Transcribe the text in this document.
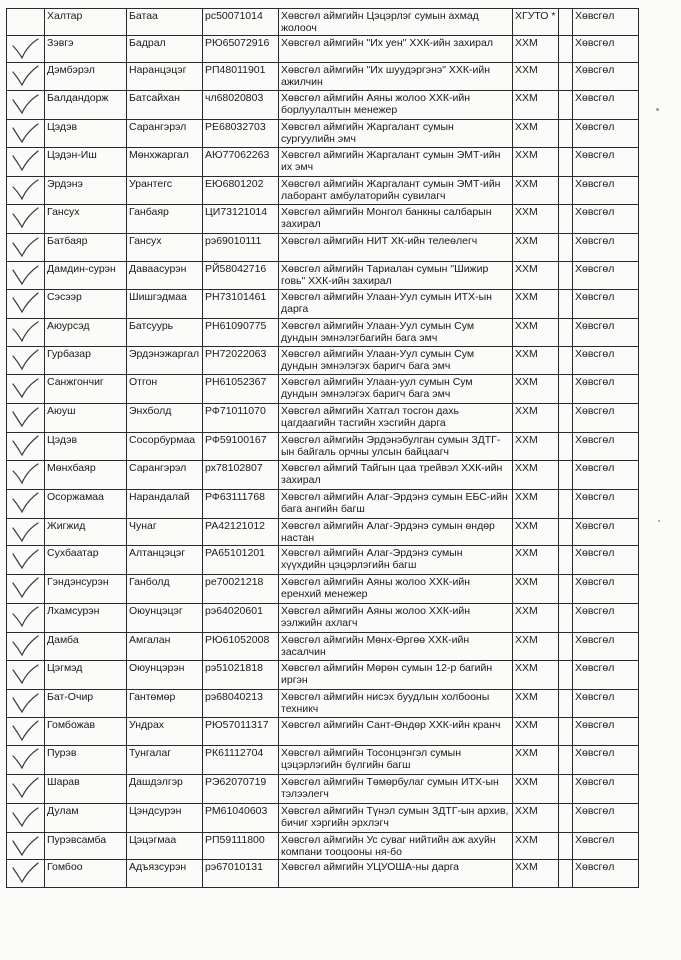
	Халтар	Батаа	рс50071014	Хөвсгөл аймгийн Цэцэрлэг сумын ахмад жолооч	ХГУТО *		Хөвсгөл

	Зэвгэ	Бадрал	РЮ65072916	Хөвсгөл аймгийн "Их уен" ХХК-ийн захирал	ХХМ		Хөвсгөл

	Дэмбэрэл	Наранцэцэг	РП48011901	Хөвсгөл аймгийн "Их шуудэргэнэ" ХХК-ийн ажилчин	ХХМ		Хөвсгөл

	Балдандорж	Батсайхан	чл68020803	Хөвсгөл аймгийн Аяны жолоо ХХК-ийн борлуулалтын менежер	ХХМ		Хөвсгөл

	Цэдэв	Сарангэрэл	РЕ68032703	Хөвсгөл аймгийн Жаргалант сумын сургуулийн эмч	ХХМ		Хөвсгөл

	Цэдэн-Иш	Мөнхжаргал	АЮ77062263	Хөвсгөл аймгийн Жаргалант сумын ЭМТ-ийн их эмч	ХХМ		Хөвсгөл

	Эрдэнэ	Урантегс	ЕЮ6801202	Хөвсгөл аймгийн Жаргалант сумын ЭМТ-ийн лаборант амбулаторийн сувилагч	ХХМ		Хөвсгөл

	Гансух	Ганбаяр	ЦИ73121014	Хөвсгөл аймгийн Монгол банкны салбарын захирал	ХХМ		Хөвсгөл

	Батбаяр	Гансух	рэ69010111	Хөвсгөл аймгийн НИТ ХК-ийн телеөлегч	ХХМ		Хөвсгөл

	Дамдин-сурэн	Даваасурэн	РЙ58042716	Хөвсгөл аймгийн Тариалан сумын "Шижир говь" ХХК-ийн захирал	ХХМ		Хөвсгөл

	Сэсээр	Шишгэдмаа	РН73101461	Хөвсгөл аймгийн Улаан-Уул сумын ИТХ-ын дарга	ХХМ		Хөвсгөл

	Аюурсэд	Батсуурь	РН61090775	Хөвсгөл аймгийн Улаан-Уул сумын Сум дундын эмнэлэгбагийн бага эмч	ХХМ		Хөвсгөл

	Гурбазар	Эрдэнэжаргал	РН72022063	Хөвсгөл аймгийн Улаан-Уул сумын Сум дундын эмнэлэгэх баригч бага эмч	ХХМ		Хөвсгөл

	Санжгончиг	Отгон	РН61052367	Хөвсгөл аймгийн Улаан-уул сумын Сум дундын эмнэлэгэх баригч бага эмч	ХХМ		Хөвсгөл

	Аюуш	Энхболд	РФ71011070	Хөвсгөл аймгийн Хатгал тосгон дахь цагдаагийн тасгийн хэсгийн дарга	ХХМ		Хөвсгөл

	Цэдэв	Сосорбурмаа	РФ59100167	Хөвсгөл аймгийн Эрдэнэбулган сумын ЗДТГ-ын байгаль орчны улсын байцаагч	ХХМ		Хөвсгөл

	Мөнхбаяр	Сарангэрэл	рх78102807	Хөвсгөл аймгий Тайгын цаа трейвэл ХХК-ийн захирал	ХХМ		Хөвсгөл

	Осоржамаа	Нарандалай	РФ63111768	Хөвсгөл аймгийн Алаг-Эрдэнэ сумын ЕБС-ийн бага ангийн багш	ХХМ		Хөвсгөл

	Жигжид	Чунаг	РА42121012	Хөвсгөл аймгийн Алаг-Эрдэнэ сумын өндөр настан	ХХМ		Хөвсгөл

	Сухбаатар	Алтанцэцэг	РА65101201	Хөвсгөл аймгийн Алаг-Эрдэнэ сумын хүүхдийн цэцэрлэгийн багш	ХХМ		Хөвсгөл

	Гэндэнсурэн	Ганболд	ре70021218	Хөвсгөл аймгийн Аяны жолоо ХХК-ийн еренхий менежер	ХХМ		Хөвсгөл

	Лхамсурэн	Оюунцэцэг	рэ64020601	Хөвсгөл аймгийн Аяны жолоо ХХК-ийн ээлжийн ахлагч	ХХМ		Хөвсгөл

	Дамба	Амгалан	РЮ61052008	Хөвсгөл аймгийн Мөнх-Өргөө ХХК-ийн засалчин	ХХМ		Хөвсгөл

	Цэгмэд	Оюунцэрэн	рэ51021818	Хөвсгөл аймгийн Мөрөн сумын 12-р багийн иргэн	ХХМ		Хөвсгөл

	Бат-Очир	Гантөмөр	рэ68040213	Хөвсгөл аймгийн нисэх буудлын холбооны техникч	ХХМ		Хөвсгөл

	Гомбожав	Ундрах	РЮ57011317	Хөвсгөл аймгийн Сант-Өндөр ХХК-ийн кранч	ХХМ		Хөвсгөл

	Пурэв	Тунгалаг	РК61112704	Хөвсгөл аймгийн Тосонцэнгэл сумын цэцэрлэгийн бүлгийн багш	ХХМ		Хөвсгөл

	Шарав	Дашдэлгэр	РЭ62070719	Хөвсгөл аймгийн Төмөрбулаг сумын ИТХ-ын тэлээлегч	ХХМ		Хөвсгөл

	Дулам	Цэндсурэн	РМ61040603	Хөвсгөл аймгийн Түнэл сумын ЗДТГ-ын архив, бичиг хэргийн эрхлэгч	ХХМ		Хөвсгөл

	Пурэвсамба	Цэцэгмаа	РП59111800	Хөвсгөл аймгийн Ус суваг нийтийн аж ахуйн компани тооцооны ня-бо	ХХМ		Хөвсгөл

	Гомбоо	Адъязсурэн	рэ67010131	Хөвсгөл аймгийн УЦУОША-ны дарга	ХХМ		Хөвсгөл
